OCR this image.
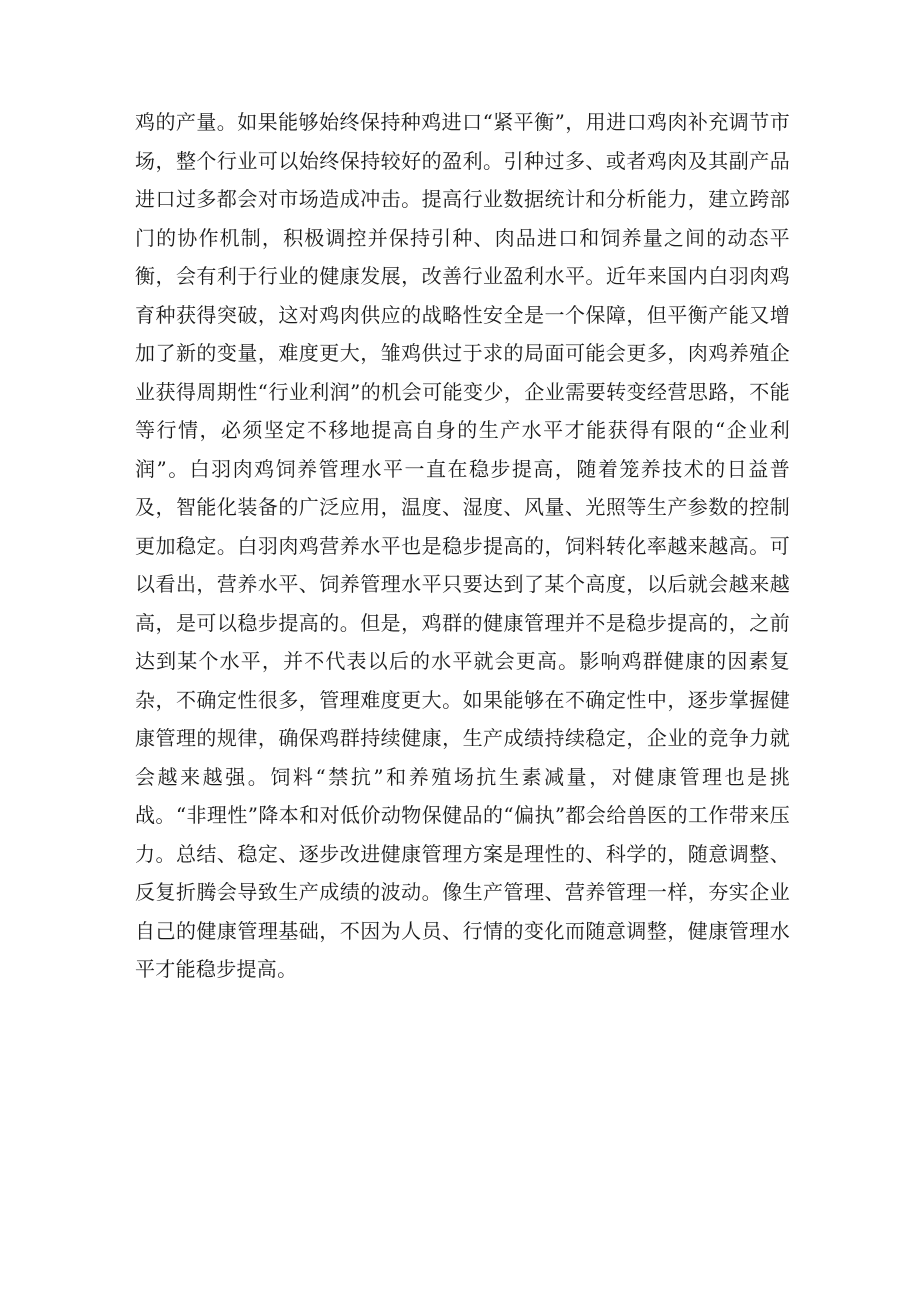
鸡的产量。如果能够始终保持种鸡进口“紧平衡”，用进口鸡肉补充调节市场，整个行业可以始终保持较好的盈利。引种过多、或者鸡肉及其副产品进口过多都会对市场造成冲击。提高行业数据统计和分析能力，建立跨部门的协作机制，积极调控并保持引种、肉品进口和饲养量之间的动态平衡，会有利于行业的健康发展，改善行业盈利水平。近年来国内白羽肉鸡育种获得突破，这对鸡肉供应的战略性安全是一个保障，但平衡产能又增加了新的变量，难度更大，雏鸡供过于求的局面可能会更多，肉鸡养殖企业获得周期性“行业利润”的机会可能变少，企业需要转变经营思路，不能等行情，必须坚定不移地提高自身的生产水平才能获得有限的“企业利润”。白羽肉鸡饲养管理水平一直在稳步提高，随着笼养技术的日益普及，智能化装备的广泛应用，温度、湿度、风量、光照等生产参数的控制更加稳定。白羽肉鸡营养水平也是稳步提高的，饲料转化率越来越高。可以看出，营养水平、饲养管理水平只要达到了某个高度，以后就会越来越高，是可以稳步提高的。但是，鸡群的健康管理并不是稳步提高的，之前达到某个水平，并不代表以后的水平就会更高。影响鸡群健康的因素复杂，不确定性很多，管理难度更大。如果能够在不确定性中，逐步掌握健康管理的规律，确保鸡群持续健康，生产成绩持续稳定，企业的竞争力就会越来越强。饲料“禁抗”和养殖场抗生素减量，对健康管理也是挑战。“非理性”降本和对低价动物保健品的“偏执”都会给兽医的工作带来压力。总结、稳定、逐步改进健康管理方案是理性的、科学的，随意调整、反复折腾会导致生产成绩的波动。像生产管理、营养管理一样，夯实企业自己的健康管理基础，不因为人员、行情的变化而随意调整，健康管理水平才能稳步提高。
